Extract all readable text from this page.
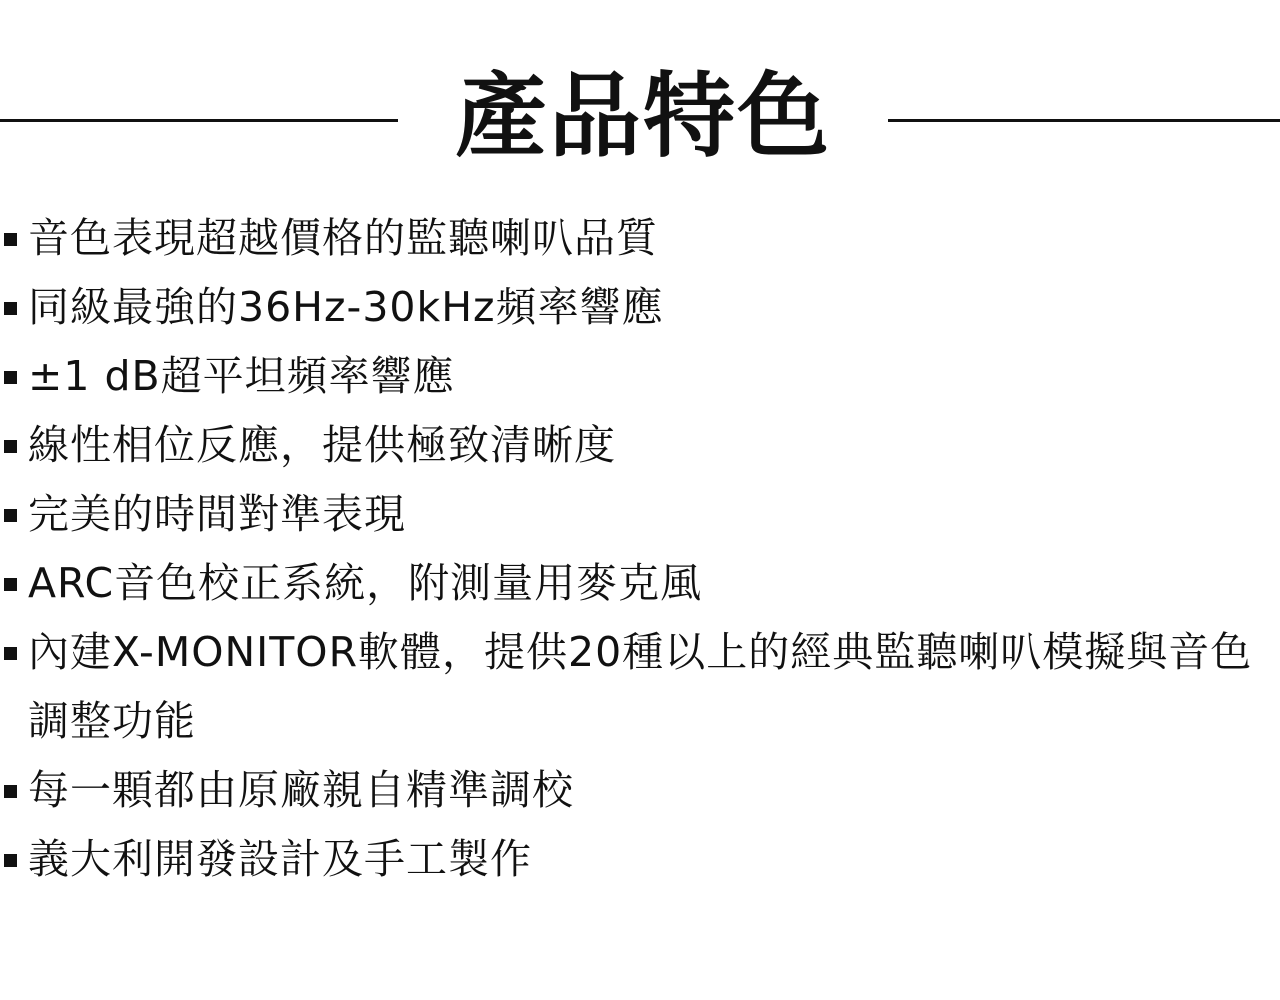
產品特色
音色表現超越價格的監聽喇叭品質
同級最強的36Hz-30kHz頻率響應
±1 dB超平坦頻率響應
線性相位反應，提供極致清晰度
完美的時間對準表現
ARC音色校正系統，附測量用麥克風
內建X-MONITOR軟體，提供20種以上的經典監聽喇叭模擬與音色調整功能
每一顆都由原廠親自精準調校
義大利開發設計及手工製作
